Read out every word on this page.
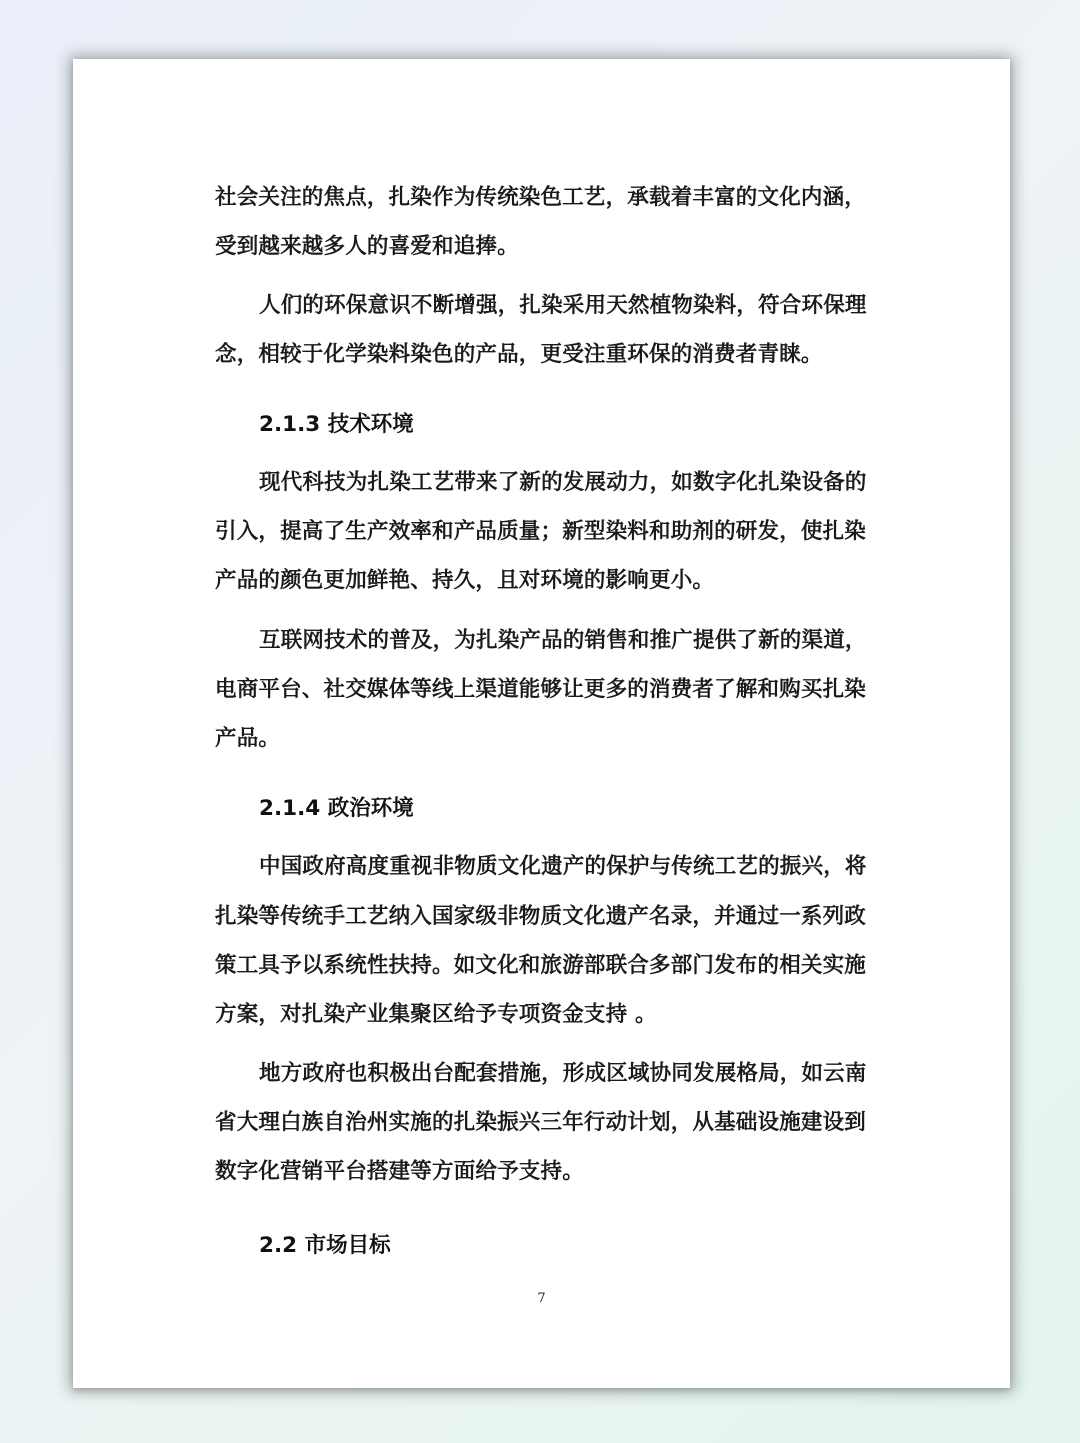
社会关注的焦点，扎染作为传统染色工艺，承载着丰富的文化内涵，
受到越来越多人的喜爱和追捧。
人们的环保意识不断增强，扎染采用天然植物染料，符合环保理
念，相较于化学染料染色的产品，更受注重环保的消费者青睐。
2.1.3 技术环境
现代科技为扎染工艺带来了新的发展动力，如数字化扎染设备的
引入，提高了生产效率和产品质量；新型染料和助剂的研发，使扎染
产品的颜色更加鲜艳、持久，且对环境的影响更小。
互联网技术的普及，为扎染产品的销售和推广提供了新的渠道，
电商平台、社交媒体等线上渠道能够让更多的消费者了解和购买扎染
产品。
2.1.4 政治环境
中国政府高度重视非物质文化遗产的保护与传统工艺的振兴，将
扎染等传统手工艺纳入国家级非物质文化遗产名录，并通过一系列政
策工具予以系统性扶持。如文化和旅游部联合多部门发布的相关实施
方案，对扎染产业集聚区给予专项资金支持 。
地方政府也积极出台配套措施，形成区域协同发展格局，如云南
省大理白族自治州实施的扎染振兴三年行动计划，从基础设施建设到
数字化营销平台搭建等方面给予支持。
2.2 市场目标
7
